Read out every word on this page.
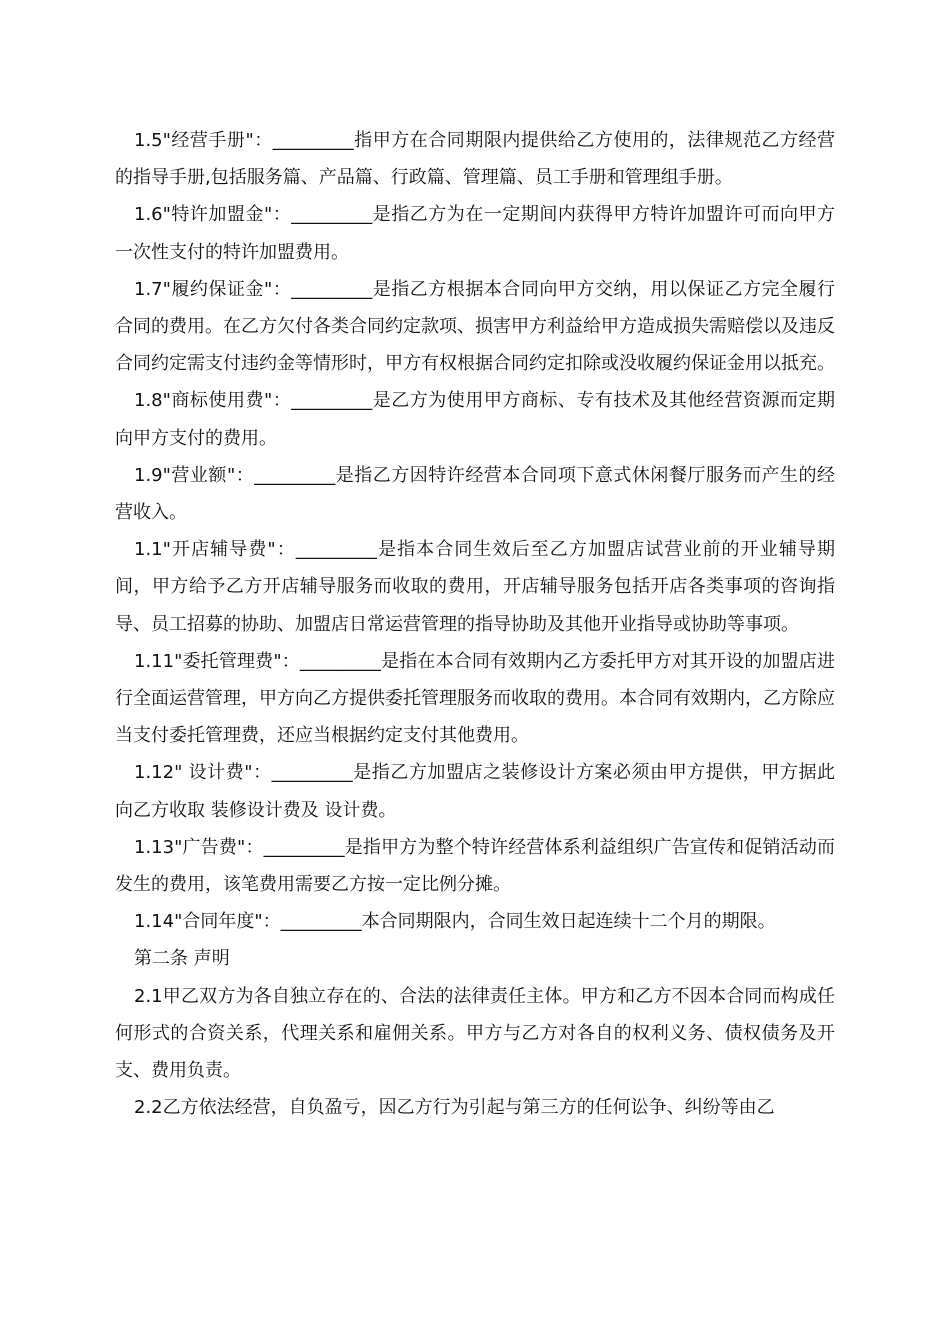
1.5"经营手册"：_________指甲方在合同期限内提供给乙方使用的，法律规范乙方经营的指导手册,包括服务篇、产品篇、行政篇、管理篇、员工手册和管理组手册。

1.6"特许加盟金"：_________是指乙方为在一定期间内获得甲方特许加盟许可而向甲方一次性支付的特许加盟费用。

1.7"履约保证金"：_________是指乙方根据本合同向甲方交纳，用以保证乙方完全履行合同的费用。在乙方欠付各类合同约定款项、损害甲方利益给甲方造成损失需赔偿以及违反合同约定需支付违约金等情形时，甲方有权根据合同约定扣除或没收履约保证金用以抵充。

1.8"商标使用费"：_________是乙方为使用甲方商标、专有技术及其他经营资源而定期向甲方支付的费用。

1.9"营业额"：_________是指乙方因特许经营本合同项下意式休闲餐厅服务而产生的经营收入。

1.1"开店辅导费"：_________是指本合同生效后至乙方加盟店试营业前的开业辅导期间，甲方给予乙方开店辅导服务而收取的费用，开店辅导服务包括开店各类事项的咨询指导、员工招募的协助、加盟店日常运营管理的指导协助及其他开业指导或协助等事项。

1.11"委托管理费"：_________是指在本合同有效期内乙方委托甲方对其开设的加盟店进行全面运营管理，甲方向乙方提供委托管理服务而收取的费用。本合同有效期内，乙方除应当支付委托管理费，还应当根据约定支付其他费用。

1.12" 设计费"：_________是指乙方加盟店之装修设计方案必须由甲方提供，甲方据此向乙方收取 装修设计费及 设计费。

1.13"广告费"：_________是指甲方为整个特许经营体系利益组织广告宣传和促销活动而发生的费用，该笔费用需要乙方按一定比例分摊。

1.14"合同年度"：_________本合同期限内，合同生效日起连续十二个月的期限。

第二条 声明

2.1甲乙双方为各自独立存在的、合法的法律责任主体。甲方和乙方不因本合同而构成任何形式的合资关系，代理关系和雇佣关系。甲方与乙方对各自的权利义务、债权债务及开支、费用负责。

2.2乙方依法经营，自负盈亏，因乙方行为引起与第三方的任何讼争、纠纷等由乙
